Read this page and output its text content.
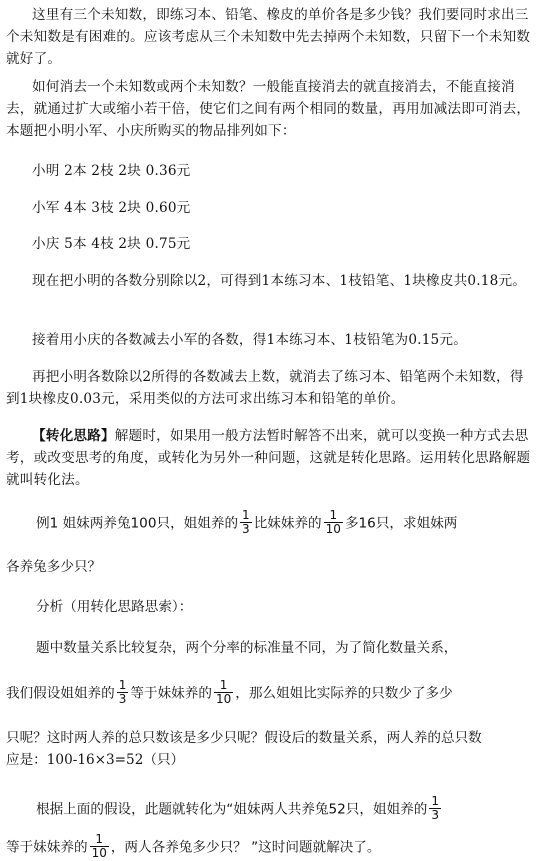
这里有三个未知数，即练习本、铅笔、橡皮的单价各是多少钱？我们要同时求出三个未知数是有困难的。应该考虑从三个未知数中先去掉两个未知数，只留下一个未知数就好了。
如何消去一个未知数或两个未知数？一般能直接消去的就直接消去，不能直接消去，就通过扩大或缩小若干倍，使它们之间有两个相同的数量，再用加减法即可消去，本题把小明小军、小庆所购买的物品排列如下：
小明 2本 2枝 2块 0.36元
小军 4本 3枝 2块 0.60元
小庆 5本 4枝 2块 0.75元
现在把小明的各数分别除以2，可得到1本练习本、1枝铅笔、1块橡皮共0.18元。
接着用小庆的各数减去小军的各数，得1本练习本、1枝铅笔为0.15元。
再把小明各数除以2所得的各数减去上数，就消去了练习本、铅笔两个未知数，得到1块橡皮0.03元，采用类似的方法可求出练习本和铅笔的单价。
【转化思路】解题时，如果用一般方法暂时解答不出来，就可以变换一种方式去思考，或改变思考的角度，或转化为另外一种问题，这就是转化思路。运用转化思路解题就叫转化法。
例1 姐妹两养兔100只，姐姐养的 $\frac{1}{3}$ 比妹妹养的 $\frac{1}{10}$ 多16只，求姐妹两
各养兔多少只？
分析（用转化思路思索）：
题中数量关系比较复杂，两个分率的标准量不同，为了简化数量关系，
我们假设姐姐养的 $\frac{1}{3}$ 等于妹妹养的 $\frac{1}{10}$ ，那么姐姐比实际养的只数少了多少
只呢？这时两人养的总只数该是多少只呢？假设后的数量关系，两人养的总只数
应是：100-16×3=52（只）
根据上面的假设，此题就转化为“姐妹两人共养兔52只，姐姐养的 $\frac{1}{3}$
等于妹妹养的 $\frac{1}{10}$ ，两人各养兔多少只？ ”这时问题就解决了。
